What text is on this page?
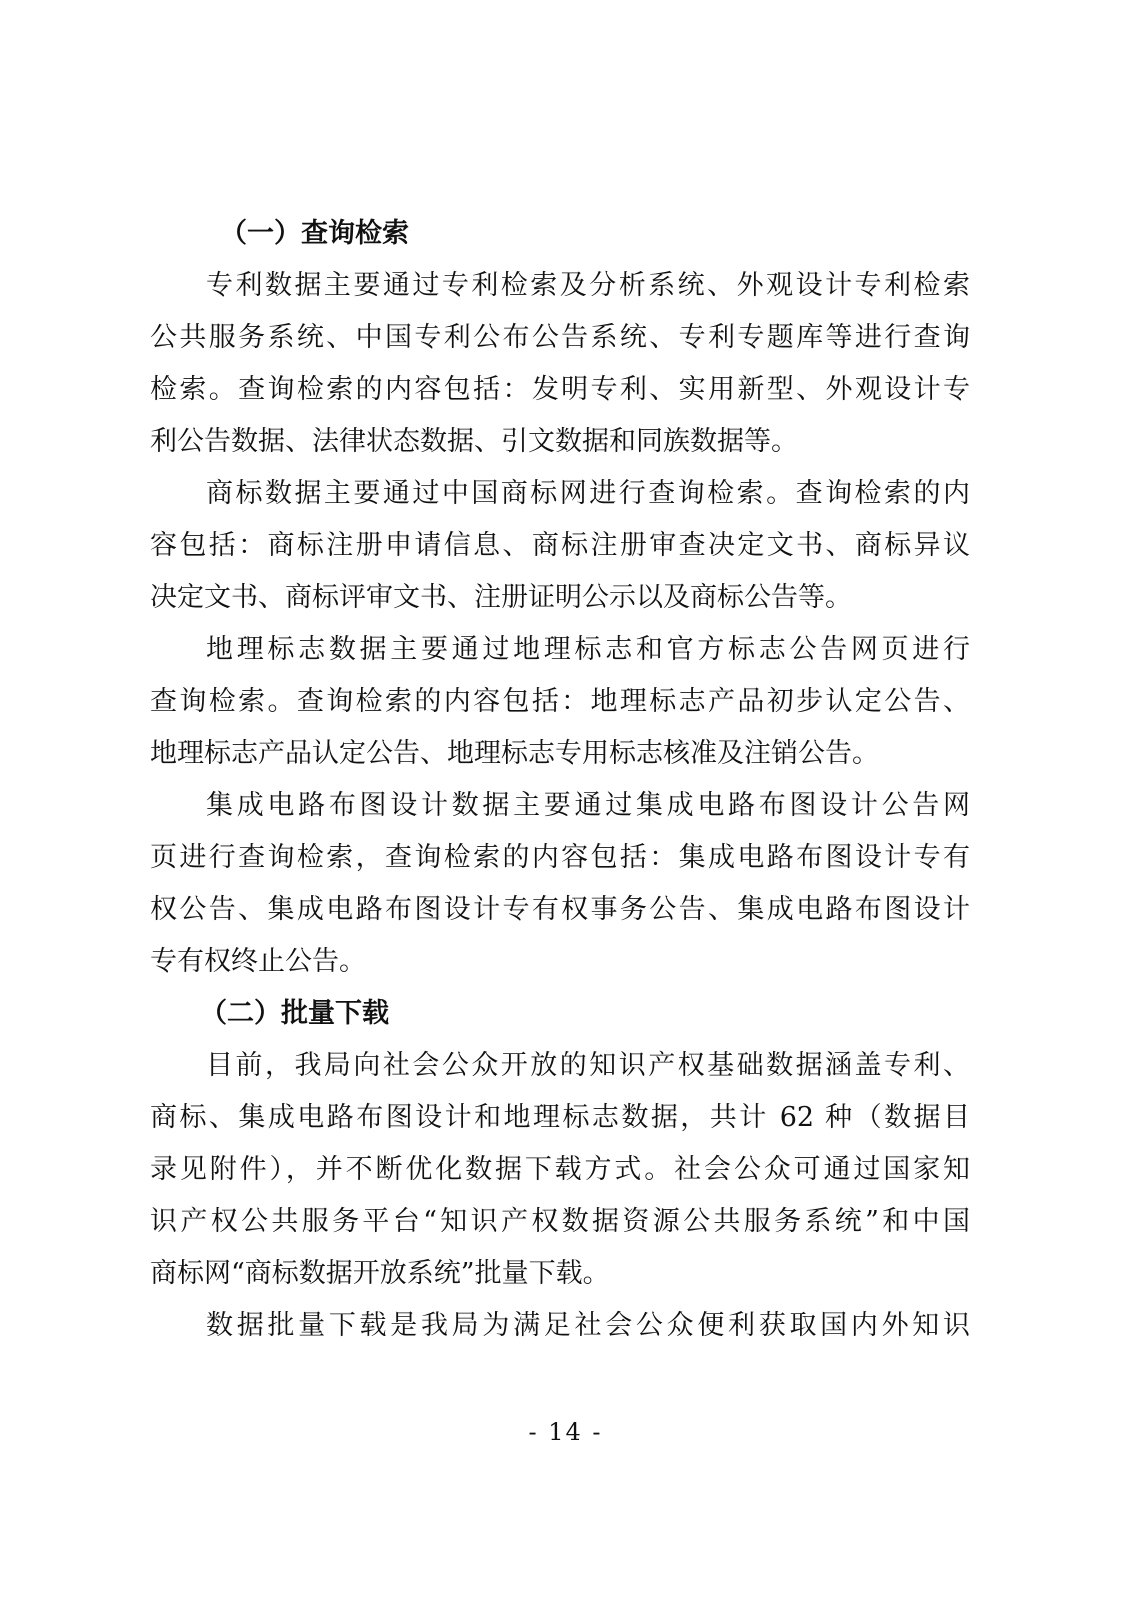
（一）查询检索
专利数据主要通过专利检索及分析系统、外观设计专利检索
公共服务系统、中国专利公布公告系统、专利专题库等进行查询
检索。查询检索的内容包括：发明专利、实用新型、外观设计专
利公告数据、法律状态数据、引文数据和同族数据等。
商标数据主要通过中国商标网进行查询检索。查询检索的内
容包括：商标注册申请信息、商标注册审查决定文书、商标异议
决定文书、商标评审文书、注册证明公示以及商标公告等。
地理标志数据主要通过地理标志和官方标志公告网页进行
查询检索。查询检索的内容包括：地理标志产品初步认定公告、
地理标志产品认定公告、地理标志专用标志核准及注销公告。
集成电路布图设计数据主要通过集成电路布图设计公告网
页进行查询检索，查询检索的内容包括：集成电路布图设计专有
权公告、集成电路布图设计专有权事务公告、集成电路布图设计
专有权终止公告。
（二）批量下载
目前，我局向社会公众开放的知识产权基础数据涵盖专利、
商标、集成电路布图设计和地理标志数据，共计 62 种（数据目
录见附件），并不断优化数据下载方式。社会公众可通过国家知
识产权公共服务平台“知识产权数据资源公共服务系统”和中国
商标网“商标数据开放系统”批量下载。
数据批量下载是我局为满足社会公众便利获取国内外知识
- 14 -
